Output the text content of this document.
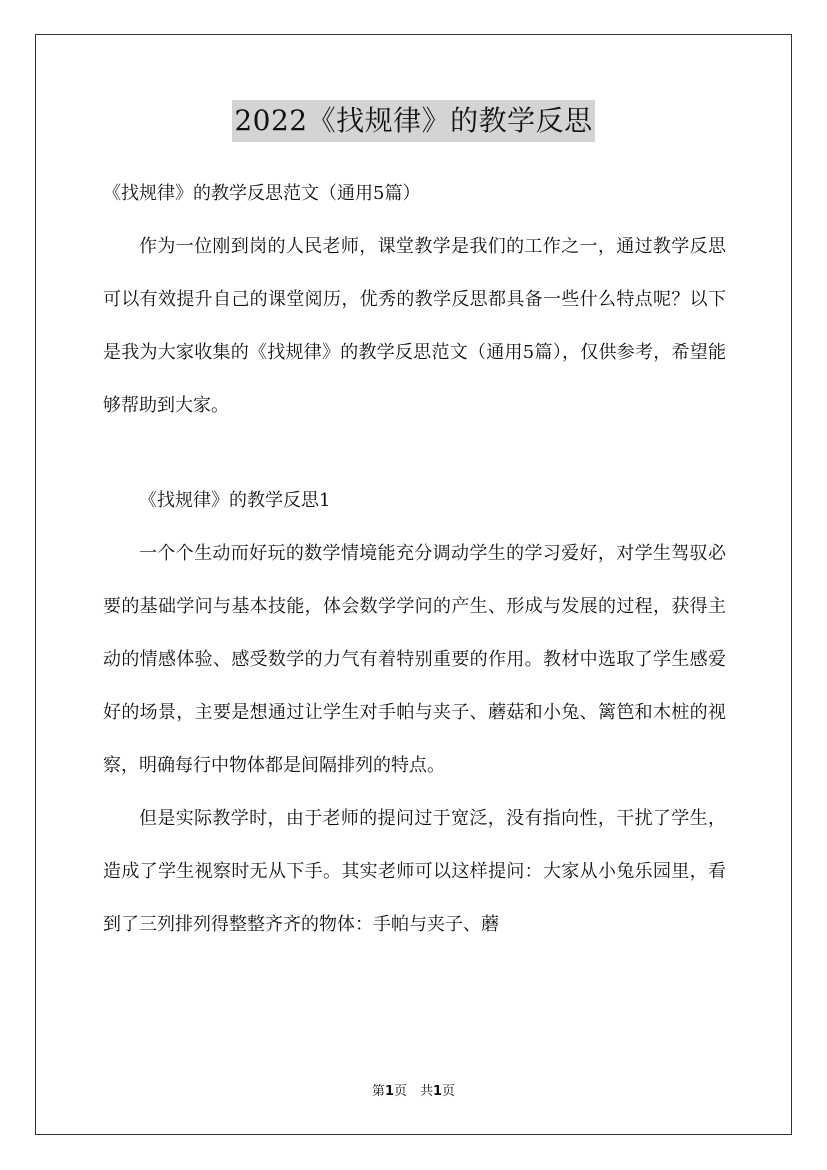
2022《找规律》的教学反思

《找规律》的教学反思范文（通用5篇）

作为一位刚到岗的人民老师，课堂教学是我们的工作之一，通过教学反思可以有效提升自己的课堂阅历，优秀的教学反思都具备一些什么特点呢？以下是我为大家收集的《找规律》的教学反思范文（通用5篇），仅供参考，希望能够帮助到大家。

《找规律》的教学反思1

一个个生动而好玩的数学情境能充分调动学生的学习爱好，对学生驾驭必要的基础学问与基本技能，体会数学学问的产生、形成与发展的过程，获得主动的情感体验、感受数学的力气有着特别重要的作用。教材中选取了学生感爱好的场景，主要是想通过让学生对手帕与夹子、蘑菇和小兔、篱笆和木桩的视察，明确每行中物体都是间隔排列的特点。

但是实际教学时，由于老师的提问过于宽泛，没有指向性，干扰了学生，造成了学生视察时无从下手。其实老师可以这样提问：大家从小兔乐园里，看到了三列排列得整整齐齐的物体：手帕与夹子、蘑

第1页　共1页
